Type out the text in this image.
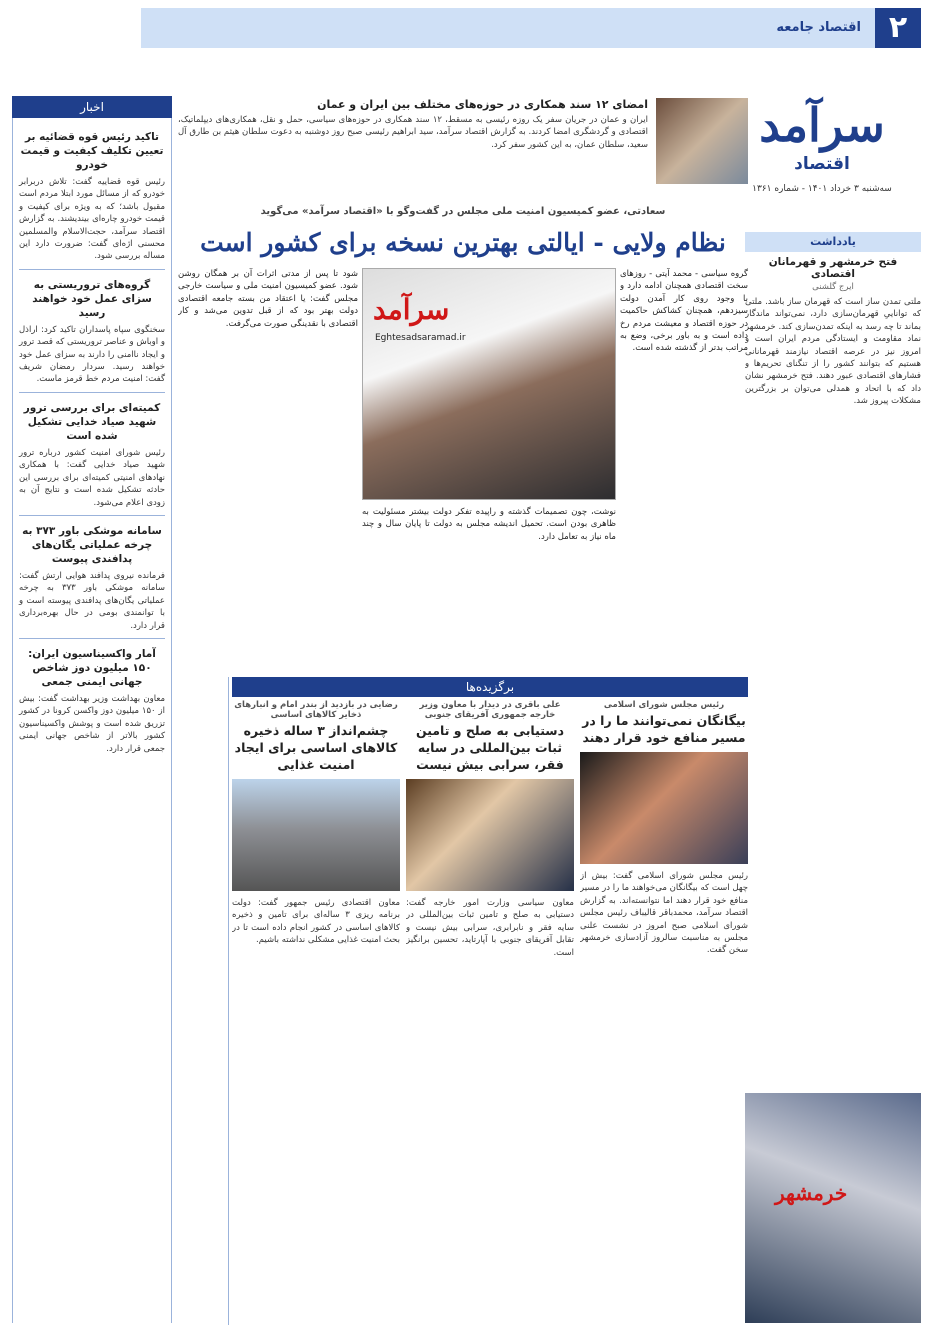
۲
اقتصاد جامعه
اخبار	سرآمد
اقتصاد
سه‌شنبه ۳ خرداد ۱۴۰۱ - شماره ۱۳۶۱
امضای ۱۲ سند همکاری در حوزه‌های مختلف بین ایران و عمان
ایران و عمان در جریان سفر یک روزه رئیسی به مسقط، ۱۲ سند همکاری در حوزه‌های سیاسی، حمل و نقل، همکاری‌های دیپلماتیک، اقتصادی و گردشگری امضا کردند. به گزارش اقتصاد سرآمد، سید ابراهیم رئیسی صبح روز دوشنبه به دعوت سلطان هیثم بن طارق آل سعید، سلطان عمان، به این کشور سفر کرد.
سعادتی، عضو کمیسیون امنیت ملی مجلس در گفت‌وگو با «اقتصاد سرآمد» می‌گوید
نظام ولایی - ایالتی بهترین نسخه برای کشور است
سرآمد
Eghtesadsaramad.ir
گروه سیاسی - محمد آیتی - روزهای سخت اقتصادی همچنان ادامه دارد و با وجود روی کار آمدن دولت سیزدهم، همچنان کشاکش حاکمیت در حوزه اقتصاد و معیشت مردم رخ داده است و به باور برخی، وضع به مراتب بدتر از گذشته شده است.
شود تا پس از مدتی اثرات آن بر همگان روشن شود. عضو کمیسیون امنیت ملی و سیاست خارجی مجلس گفت: یا اعتقاد من بسته جامعه اقتصادی دولت بهتر بود که از قبل تدوین می‌شد و کار اقتصادی با نقدینگی صورت می‌گرفت.
نوشت، چون تصمیمات گذشته و راپیده تفکر دولت بیشتر مسئولیت به ظاهری بودن است. تحمیل اندیشه مجلس به دولت تا پایان سال و چند ماه نیاز به تعامل دارد.
برگزیده‌ها
رئیس مجلس شورای اسلامی
بیگانگان نمی‌توانند ما را در مسیر منافع خود قرار دهند
رئیس مجلس شورای اسلامی گفت: بیش از چهل است که بیگانگان می‌خواهند ما را در مسیر منافع خود قرار دهند اما نتوانسته‌اند. به گزارش اقتصاد سرآمد، محمدباقر قالیباف رئیس مجلس شورای اسلامی صبح امروز در نشست علنی مجلس به مناسبت سالروز آزادسازی خرمشهر سخن گفت.
علی باقری در دیدار با معاون وزیر خارجه جمهوری آفریقای جنوبی
دستیابی به صلح و تامین ثبات بین‌المللی در سایه فقر، سرابی بیش نیست
معاون سیاسی وزارت امور خارجه گفت: دستیابی به صلح و تامین ثبات بین‌المللی در سایه فقر و نابرابری، سرابی بیش نیست و تقابل آفریقای جنوبی با آپارتاید، تحسین برانگیز است.
رضایی در بازدید از بندر امام و انبارهای ذخایر کالاهای اساسی
چشم‌انداز ۳ ساله ذخیره کالاهای اساسی برای ایجاد امنیت غذایی
معاون اقتصادی رئیس جمهور گفت: دولت برنامه ریزی ۳ ساله‌ای برای تامین و ذخیره کالاهای اساسی در کشور انجام داده است تا در بحث امنیت غذایی مشکلی نداشته باشیم.
تاکید رئیس قوه قضائیه بر تعیین تکلیف کیفیت و قیمت خودرو
رئیس قوه قضاییه گفت: تلاش دربرابر خودرو که از مسائل مورد ابتلا مردم است مقبول باشد؛ که به ویژه برای کیفیت و قیمت خودرو چاره‌ای بیندیشند. به گزارش اقتصاد سرآمد، حجت‌الاسلام والمسلمین محسنی اژه‌ای گفت: ضرورت دارد این مساله بررسی شود.
گروه‌های تروریستی به سزای عمل خود خواهند رسید
سخنگوی سپاه پاسداران تاکید کرد: اراذل و اوباش و عناصر تروریستی که قصد ترور و ایجاد ناامنی را دارند به سزای عمل خود خواهند رسید. سردار رمضان شریف گفت: امنیت مردم خط قرمز ماست.
کمیته‌ای برای بررسی ترور شهید صیاد خدایی تشکیل شده است
رئیس شورای امنیت کشور درباره ترور شهید صیاد خدایی گفت: با همکاری نهادهای امنیتی کمیته‌ای برای بررسی این حادثه تشکیل شده است و نتایج آن به زودی اعلام می‌شود.
سامانه موشکی باور ۳۷۳ به چرخه عملیاتی یگان‌های پدافندی پیوست
فرمانده نیروی پدافند هوایی ارتش گفت: سامانه موشکی باور ۳۷۳ به چرخه عملیاتی یگان‌های پدافندی پیوسته است و با توانمندی بومی در حال بهره‌برداری قرار دارد.
آمار واکسیناسیون ایران: ۱۵۰ میلیون دوز شاخص جهانی ایمنی جمعی
معاون بهداشت وزیر بهداشت گفت: بیش از ۱۵۰ میلیون دوز واکسن کرونا در کشور تزریق شده است و پوشش واکسیناسیون کشور بالاتر از شاخص جهانی ایمنی جمعی قرار دارد.
یادداشت
فتح خرمشهر و قهرمانان اقتصادی
ایرج گلشنی
ملتی تمدن ساز است که قهرمان ساز باشد. ملتی که تواناییِ قهرمان‌سازی دارد، نمی‌تواند ماندگار بماند تا چه رسد به اینکه تمدن‌سازی کند. خرمشهر نماد مقاومت و ایستادگی مردم ایران است و امروز نیز در عرصه اقتصاد نیازمند قهرمانانی هستیم که بتوانند کشور را از تنگنای تحریم‌ها و فشارهای اقتصادی عبور دهند. فتح خرمشهر نشان داد که با اتحاد و همدلی می‌توان بر بزرگترین مشکلات پیروز شد.
خرمشهر
